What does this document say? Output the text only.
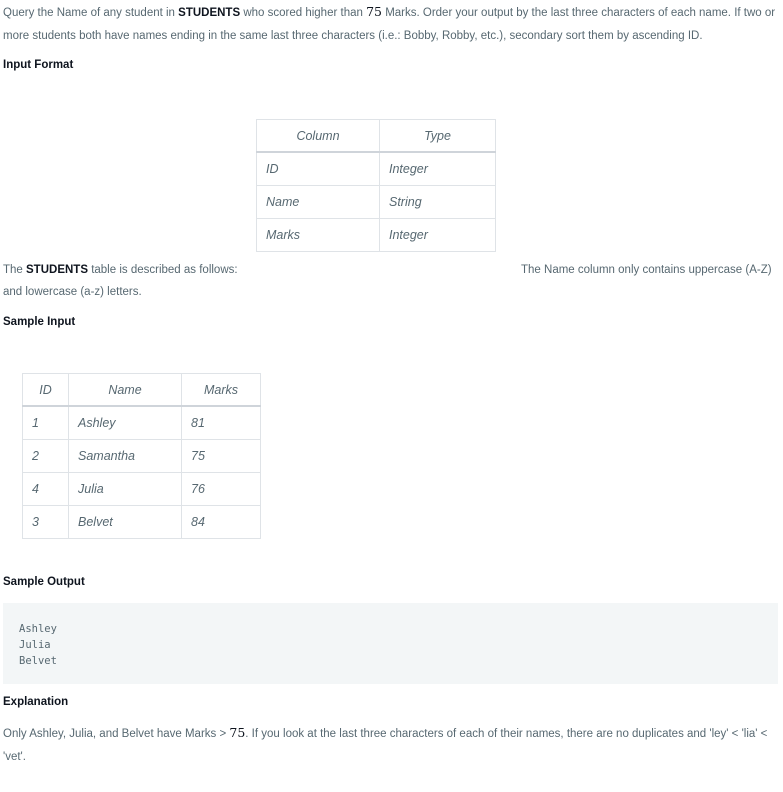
Query the Name of any student in STUDENTS who scored higher than 75 Marks. Order your output by the last three characters of each name. If two or more students both have names ending in the same last three characters (i.e.: Bobby, Robby, etc.), secondary sort them by ascending ID.
Input Format
Column	Type
ID	Integer
Name	String
Marks	Integer
The STUDENTS table is described as follows:	The Name column only contains uppercase (A-Z)
and lowercase (a-z) letters.
Sample Input
ID	Name	Marks
1	Ashley	81
2	Samantha	75
4	Julia	76
3	Belvet	84
Sample Output
Ashley
Julia
Belvet
Explanation
Only Ashley, Julia, and Belvet have Marks > 75. If you look at the last three characters of each of their names, there are no duplicates and 'ley' < 'lia' < 'vet'.
